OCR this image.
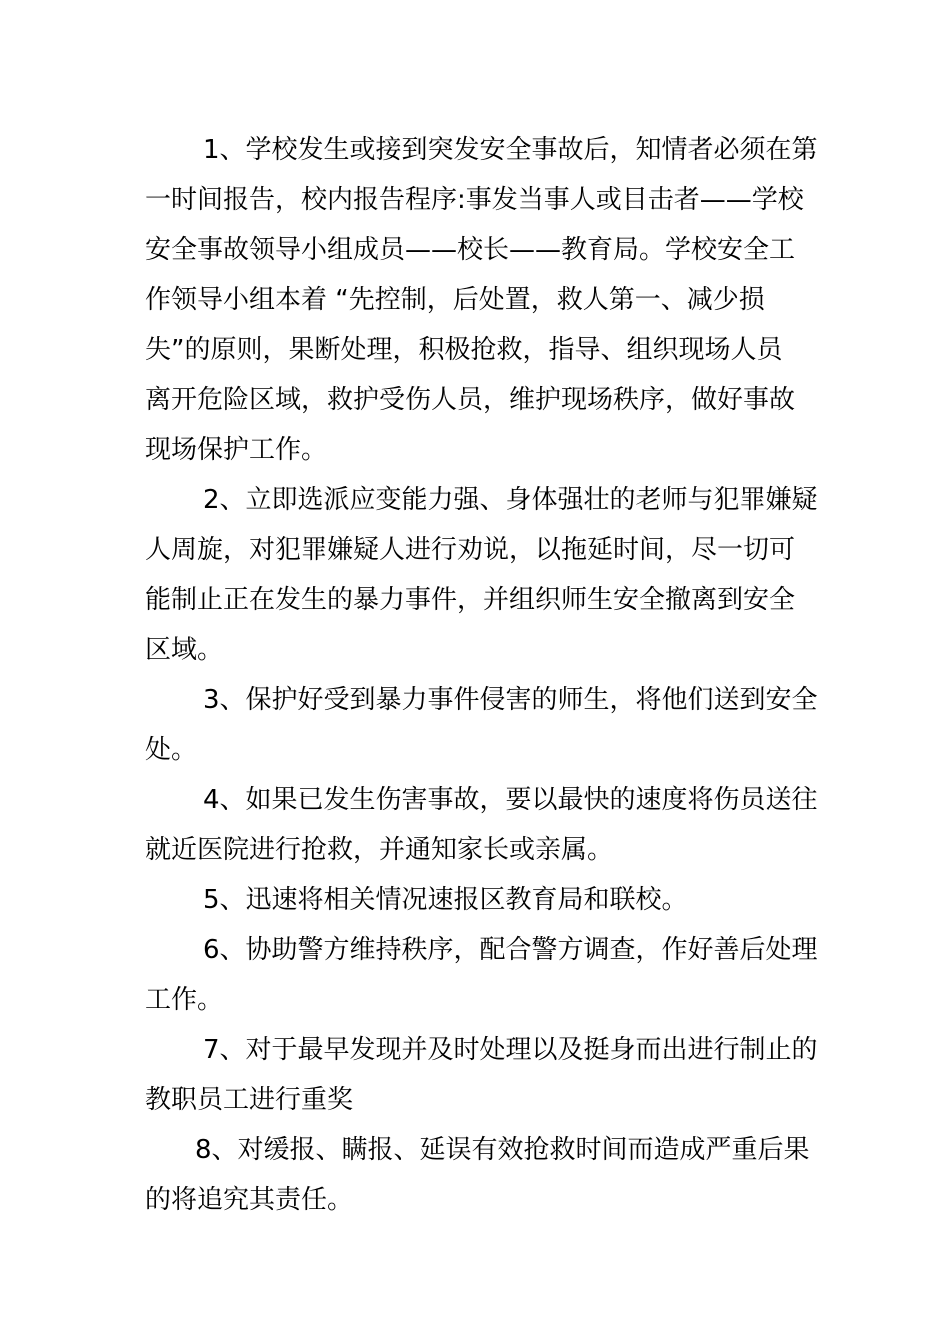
1、学校发生或接到突发安全事故后，知情者必须在第
一时间报告，校内报告程序:事发当事人或目击者——学校
安全事故领导小组成员——校长——教育局。学校安全工
作领导小组本着 “先控制，后处置，救人第一、减少损
失”的原则，果断处理，积极抢救，指导、组织现场人员
离开危险区域，救护受伤人员，维护现场秩序，做好事故
现场保护工作。
2、立即选派应变能力强、身体强壮的老师与犯罪嫌疑
人周旋，对犯罪嫌疑人进行劝说，以拖延时间，尽一切可
能制止正在发生的暴力事件，并组织师生安全撤离到安全
区域。
3、保护好受到暴力事件侵害的师生，将他们送到安全
处。
4、如果已发生伤害事故，要以最快的速度将伤员送往
就近医院进行抢救，并通知家长或亲属。
5、迅速将相关情况速报区教育局和联校。
6、协助警方维持秩序，配合警方调查，作好善后处理
工作。
7、对于最早发现并及时处理以及挺身而出进行制止的
教职员工进行重奖
8、对缓报、瞒报、延误有效抢救时间而造成严重后果
的将追究其责任。
